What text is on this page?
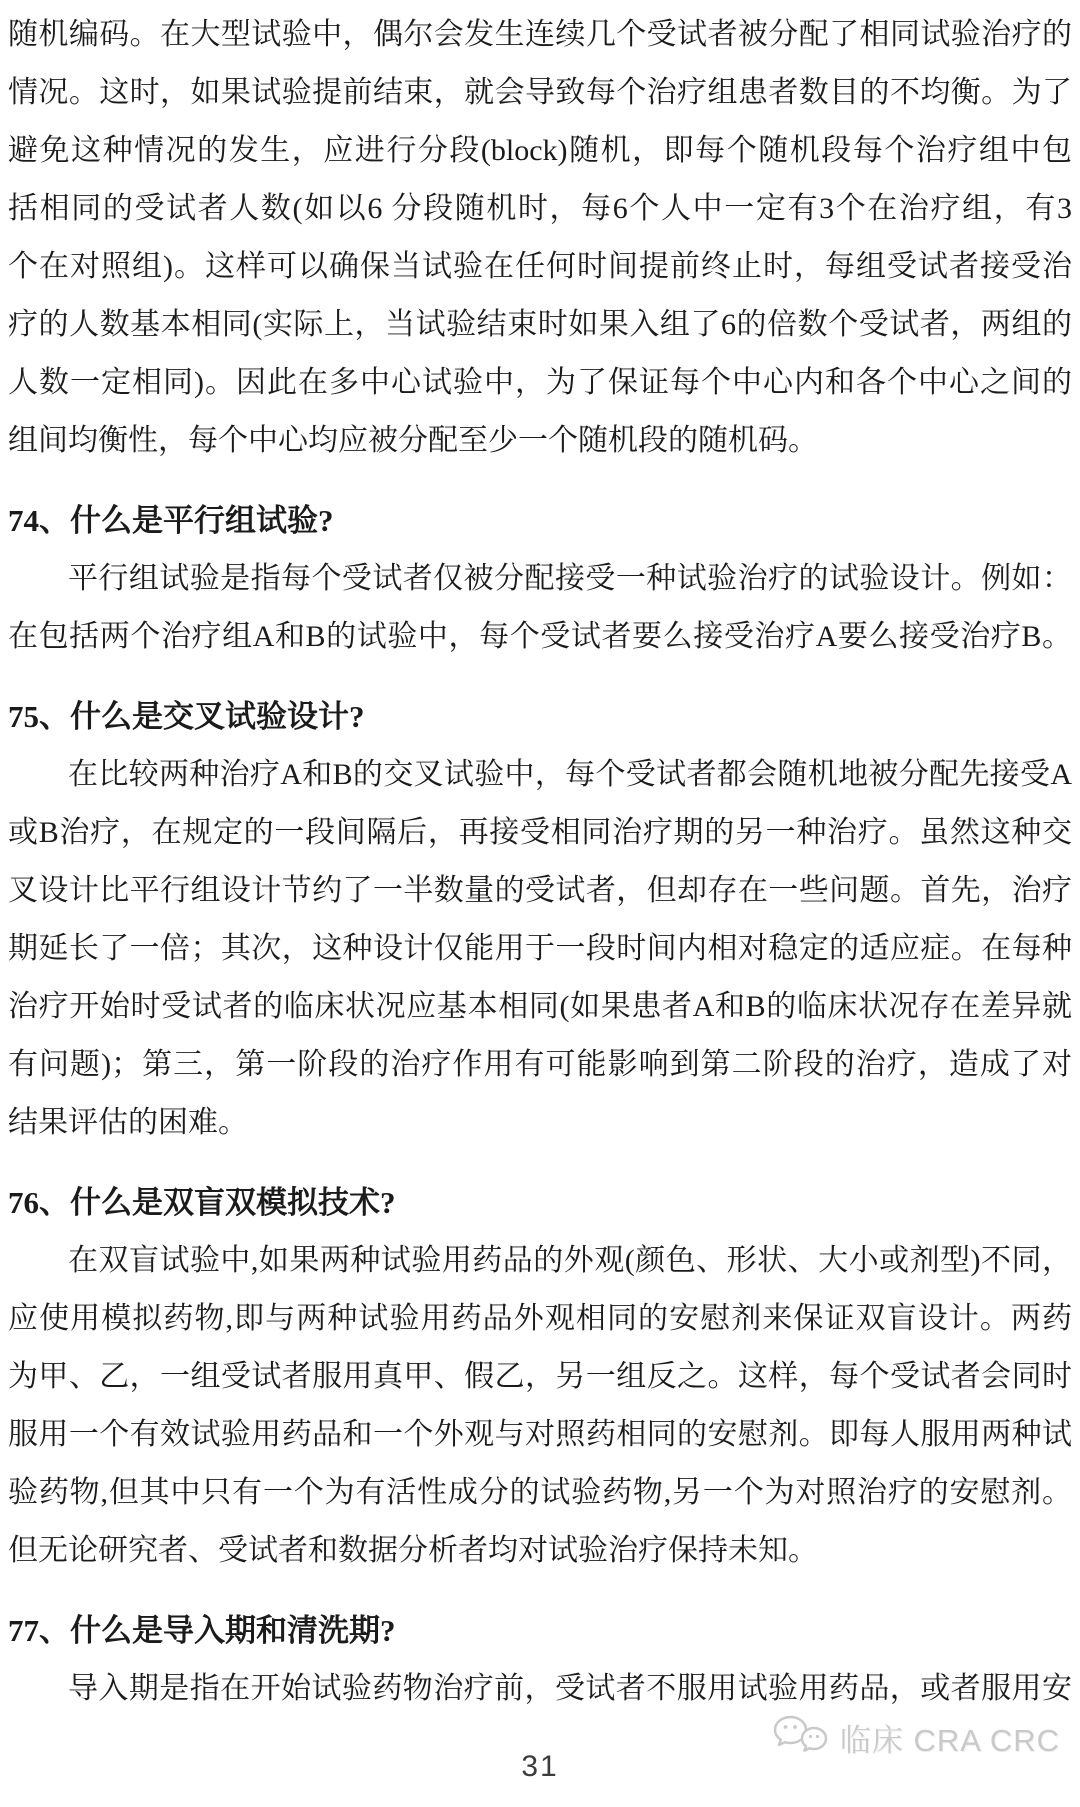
随机编码。在大型试验中，偶尔会发生连续几个受试者被分配了相同试验治疗的

情况。这时，如果试验提前结束，就会导致每个治疗组患者数目的不均衡。为了

避免这种情况的发生，应进行分段(block)随机，即每个随机段每个治疗组中包

括相同的受试者人数(如以6 分段随机时，每6个人中一定有3个在治疗组，有3

个在对照组)。这样可以确保当试验在任何时间提前终止时，每组受试者接受治

疗的人数基本相同(实际上，当试验结束时如果入组了6的倍数个受试者，两组的

人数一定相同)。因此在多中心试验中，为了保证每个中心内和各个中心之间的

组间均衡性，每个中心均应被分配至少一个随机段的随机码。

74、什么是平行组试验?

平行组试验是指每个受试者仅被分配接受一种试验治疗的试验设计。例如：

在包括两个治疗组A和B的试验中，每个受试者要么接受治疗A要么接受治疗B。

75、什么是交叉试验设计?

在比较两种治疗A和B的交叉试验中，每个受试者都会随机地被分配先接受A

或B治疗，在规定的一段间隔后，再接受相同治疗期的另一种治疗。虽然这种交

叉设计比平行组设计节约了一半数量的受试者，但却存在一些问题。首先，治疗

期延长了一倍；其次，这种设计仅能用于一段时间内相对稳定的适应症。在每种

治疗开始时受试者的临床状况应基本相同(如果患者A和B的临床状况存在差异就

有问题)；第三，第一阶段的治疗作用有可能影响到第二阶段的治疗，造成了对

结果评估的困难。

76、什么是双盲双模拟技术?

在双盲试验中,如果两种试验用药品的外观(颜色、形状、大小或剂型)不同，

应使用模拟药物,即与两种试验用药品外观相同的安慰剂来保证双盲设计。两药

为甲、乙，一组受试者服用真甲、假乙，另一组反之。这样，每个受试者会同时

服用一个有效试验用药品和一个外观与对照药相同的安慰剂。即每人服用两种试

验药物,但其中只有一个为有活性成分的试验药物,另一个为对照治疗的安慰剂。

但无论研究者、受试者和数据分析者均对试验治疗保持未知。

77、什么是导入期和清洗期?

导入期是指在开始试验药物治疗前，受试者不服用试验用药品，或者服用安

临床 CRA CRC
31
